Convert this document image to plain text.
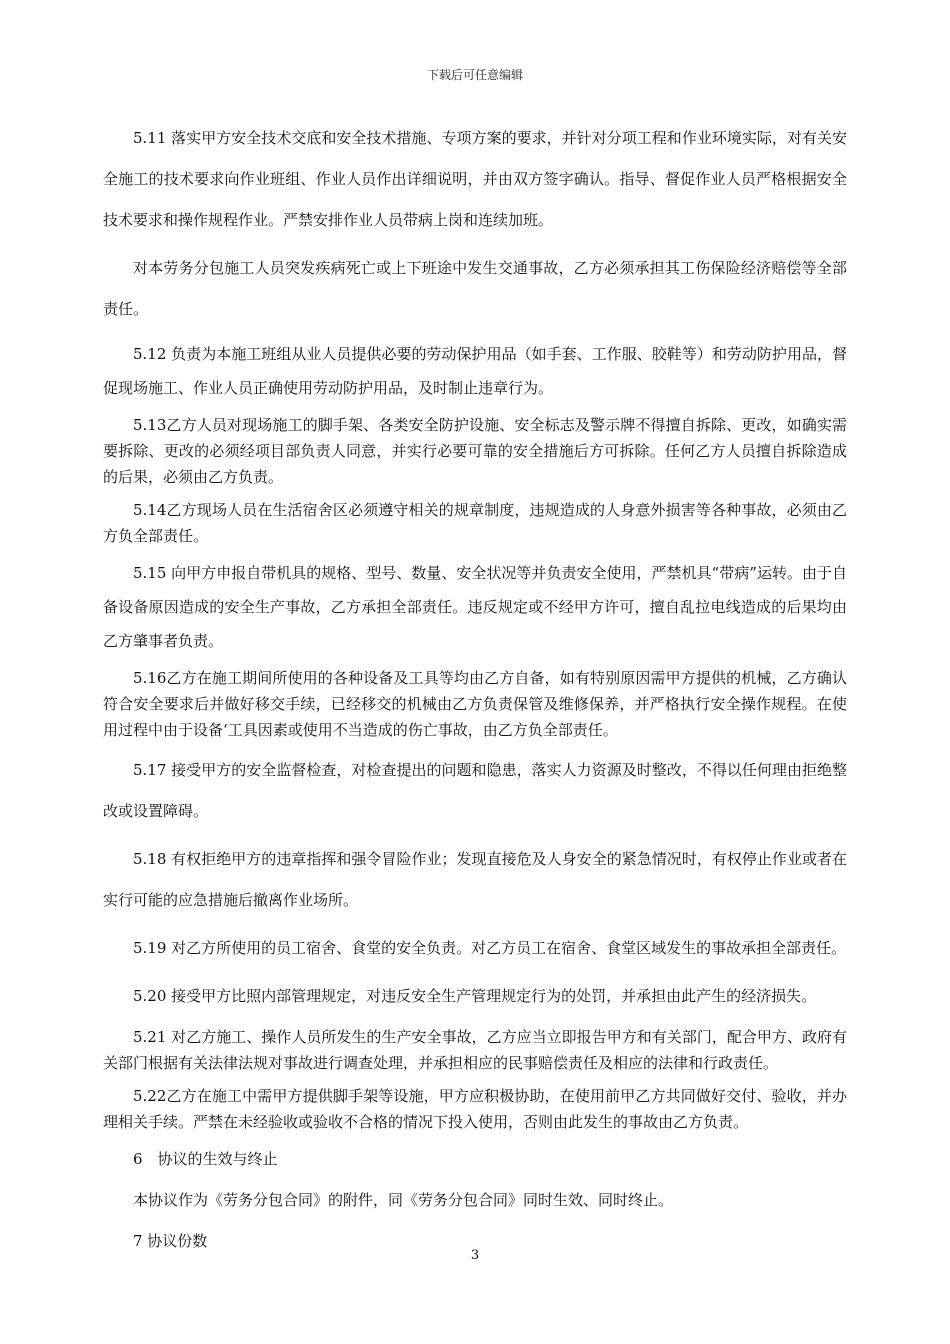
下载后可任意编辑

5.11 落实甲方安全技术交底和安全技术措施、专项方案的要求，并针对分项工程和作业环境实际，对有关安全施工的技术要求向作业班组、作业人员作出详细说明，并由双方签字确认。指导、督促作业人员严格根据安全技术要求和操作规程作业。严禁安排作业人员带病上岗和连续加班。

对本劳务分包施工人员突发疾病死亡或上下班途中发生交通事故，乙方必须承担其工伤保险经济赔偿等全部责任。

5.12 负责为本施工班组从业人员提供必要的劳动保护用品（如手套、工作服、胶鞋等）和劳动防护用品，督促现场施工、作业人员正确使用劳动防护用品，及时制止违章行为。

5.13乙方人员对现场施工的脚手架、各类安全防护设施、安全标志及警示牌不得擅自拆除、更改，如确实需要拆除、更改的必须经项目部负责人同意，并实行必要可靠的安全措施后方可拆除。任何乙方人员擅自拆除造成的后果，必须由乙方负责。

5.14乙方现场人员在生活宿舍区必须遵守相关的规章制度，违规造成的人身意外损害等各种事故，必须由乙方负全部责任。

5.15 向甲方申报自带机具的规格、型号、数量、安全状况等并负责安全使用，严禁机具“带病”运转。由于自备设备原因造成的安全生产事故，乙方承担全部责任。违反规定或不经甲方许可，擅自乱拉电线造成的后果均由乙方肇事者负责。

5.16乙方在施工期间所使用的各种设备及工具等均由乙方自备，如有特别原因需甲方提供的机械，乙方确认符合安全要求后并做好移交手续，已经移交的机械由乙方负责保管及维修保养，并严格执行安全操作规程。在使用过程中由于设备‘工具因素或使用不当造成的伤亡事故，由乙方负全部责任。

5.17 接受甲方的安全监督检查，对检查提出的问题和隐患，落实人力资源及时整改，不得以任何理由拒绝整改或设置障碍。

5.18 有权拒绝甲方的违章指挥和强令冒险作业；发现直接危及人身安全的紧急情况时，有权停止作业或者在实行可能的应急措施后撤离作业场所。

5.19 对乙方所使用的员工宿舍、食堂的安全负责。对乙方员工在宿舍、食堂区域发生的事故承担全部责任。

5.20 接受甲方比照内部管理规定，对违反安全生产管理规定行为的处罚，并承担由此产生的经济损失。

5.21 对乙方施工、操作人员所发生的生产安全事故，乙方应当立即报告甲方和有关部门，配合甲方、政府有关部门根据有关法律法规对事故进行调查处理，并承担相应的民事赔偿责任及相应的法律和行政责任。

5.22乙方在施工中需甲方提供脚手架等设施，甲方应积极协助，在使用前甲乙方共同做好交付、验收，并办理相关手续。严禁在未经验收或验收不合格的情况下投入使用，否则由此发生的事故由乙方负责。

6　协议的生效与终止

本协议作为《劳务分包合同》的附件，同《劳务分包合同》同时生效、同时终止。

7 协议份数

3
